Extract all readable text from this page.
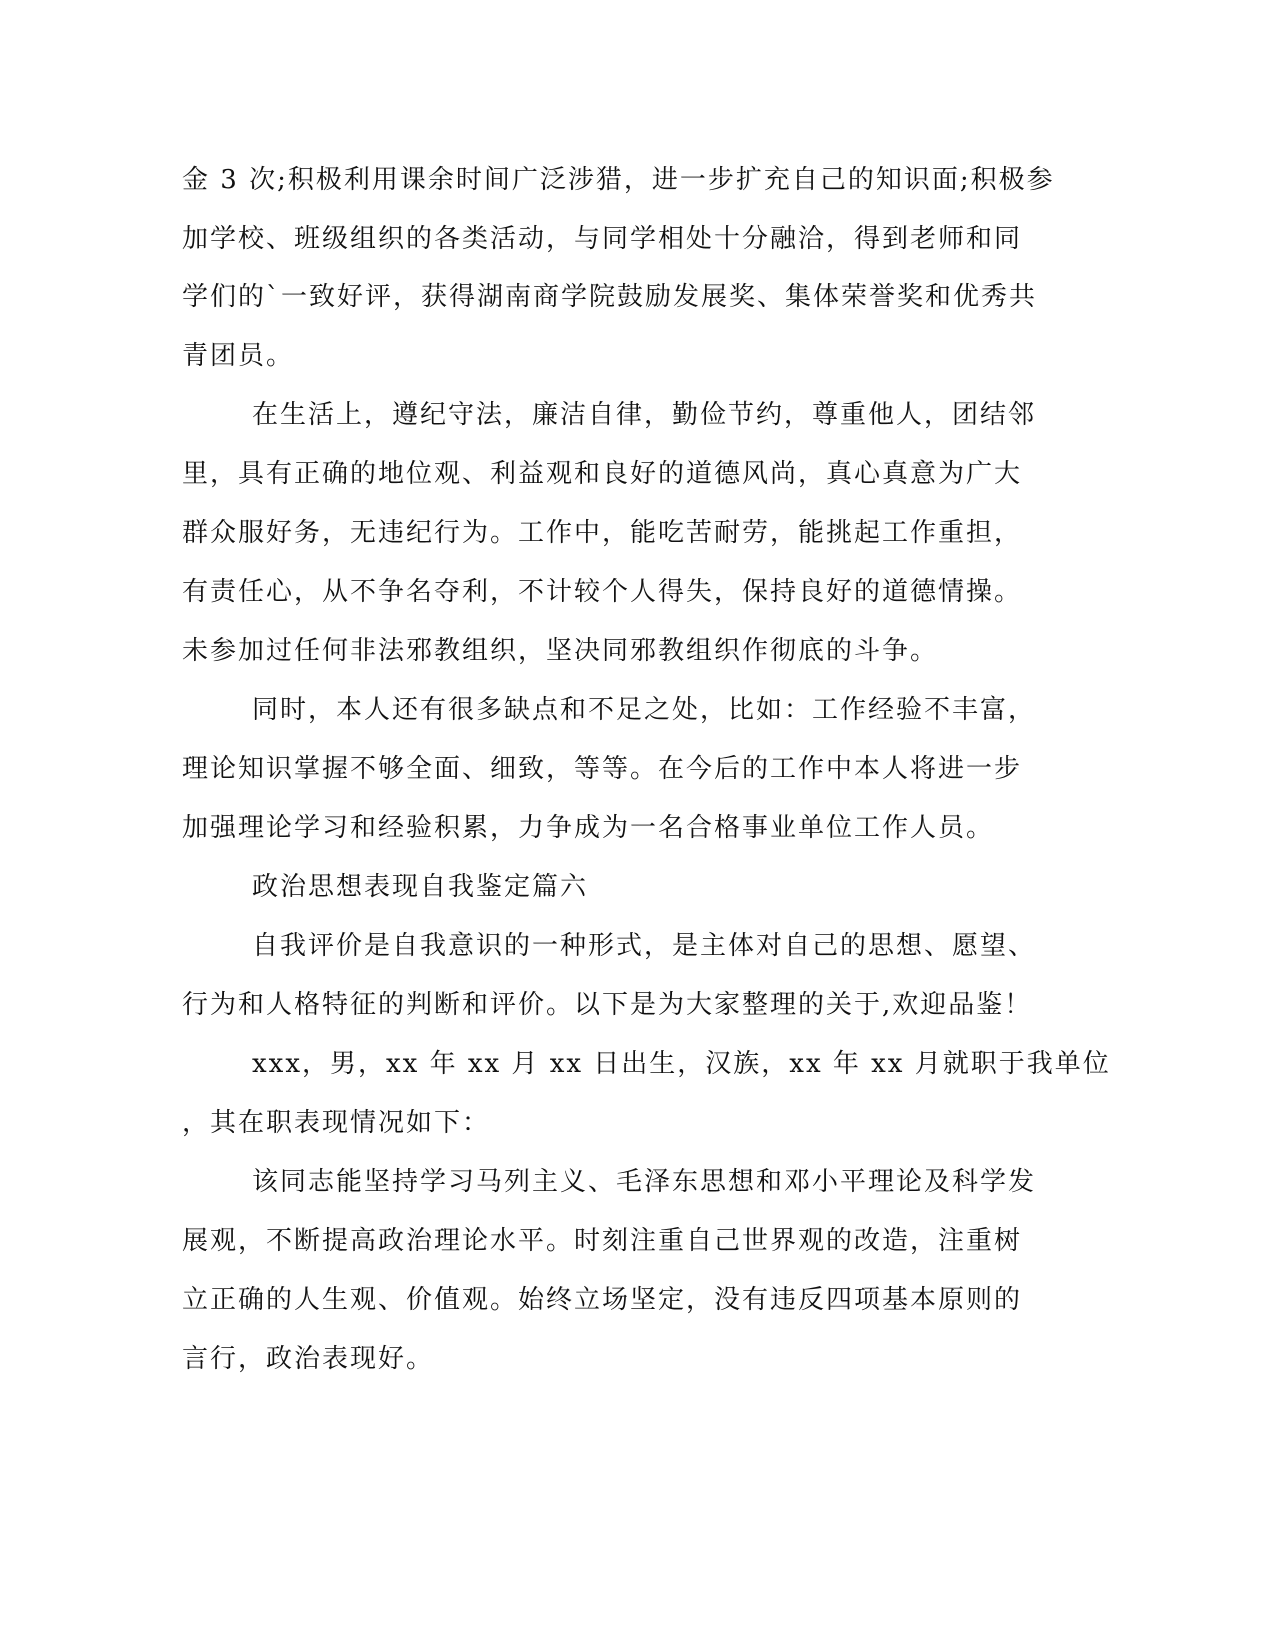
金 3 次;积极利用课余时间广泛涉猎，进一步扩充自己的知识面;积极参

加学校、班级组织的各类活动，与同学相处十分融洽，得到老师和同

学们的`一致好评，获得湖南商学院鼓励发展奖、集体荣誉奖和优秀共

青团员。

在生活上，遵纪守法，廉洁自律，勤俭节约，尊重他人，团结邻

里，具有正确的地位观、利益观和良好的道德风尚，真心真意为广大

群众服好务，无违纪行为。工作中，能吃苦耐劳，能挑起工作重担，

有责任心，从不争名夺利，不计较个人得失，保持良好的道德情操。

未参加过任何非法邪教组织，坚决同邪教组织作彻底的斗争。

同时，本人还有很多缺点和不足之处，比如：工作经验不丰富，

理论知识掌握不够全面、细致，等等。在今后的工作中本人将进一步

加强理论学习和经验积累，力争成为一名合格事业单位工作人员。

政治思想表现自我鉴定篇六

自我评价是自我意识的一种形式，是主体对自己的思想、愿望、

行为和人格特征的判断和评价。以下是为大家整理的关于,欢迎品鉴！

xxx，男，xx 年 xx 月 xx 日出生，汉族，xx 年 xx 月就职于我单位

，其在职表现情况如下：

该同志能坚持学习马列主义、毛泽东思想和邓小平理论及科学发

展观，不断提高政治理论水平。时刻注重自己世界观的改造，注重树

立正确的人生观、价值观。始终立场坚定，没有违反四项基本原则的

言行，政治表现好。
